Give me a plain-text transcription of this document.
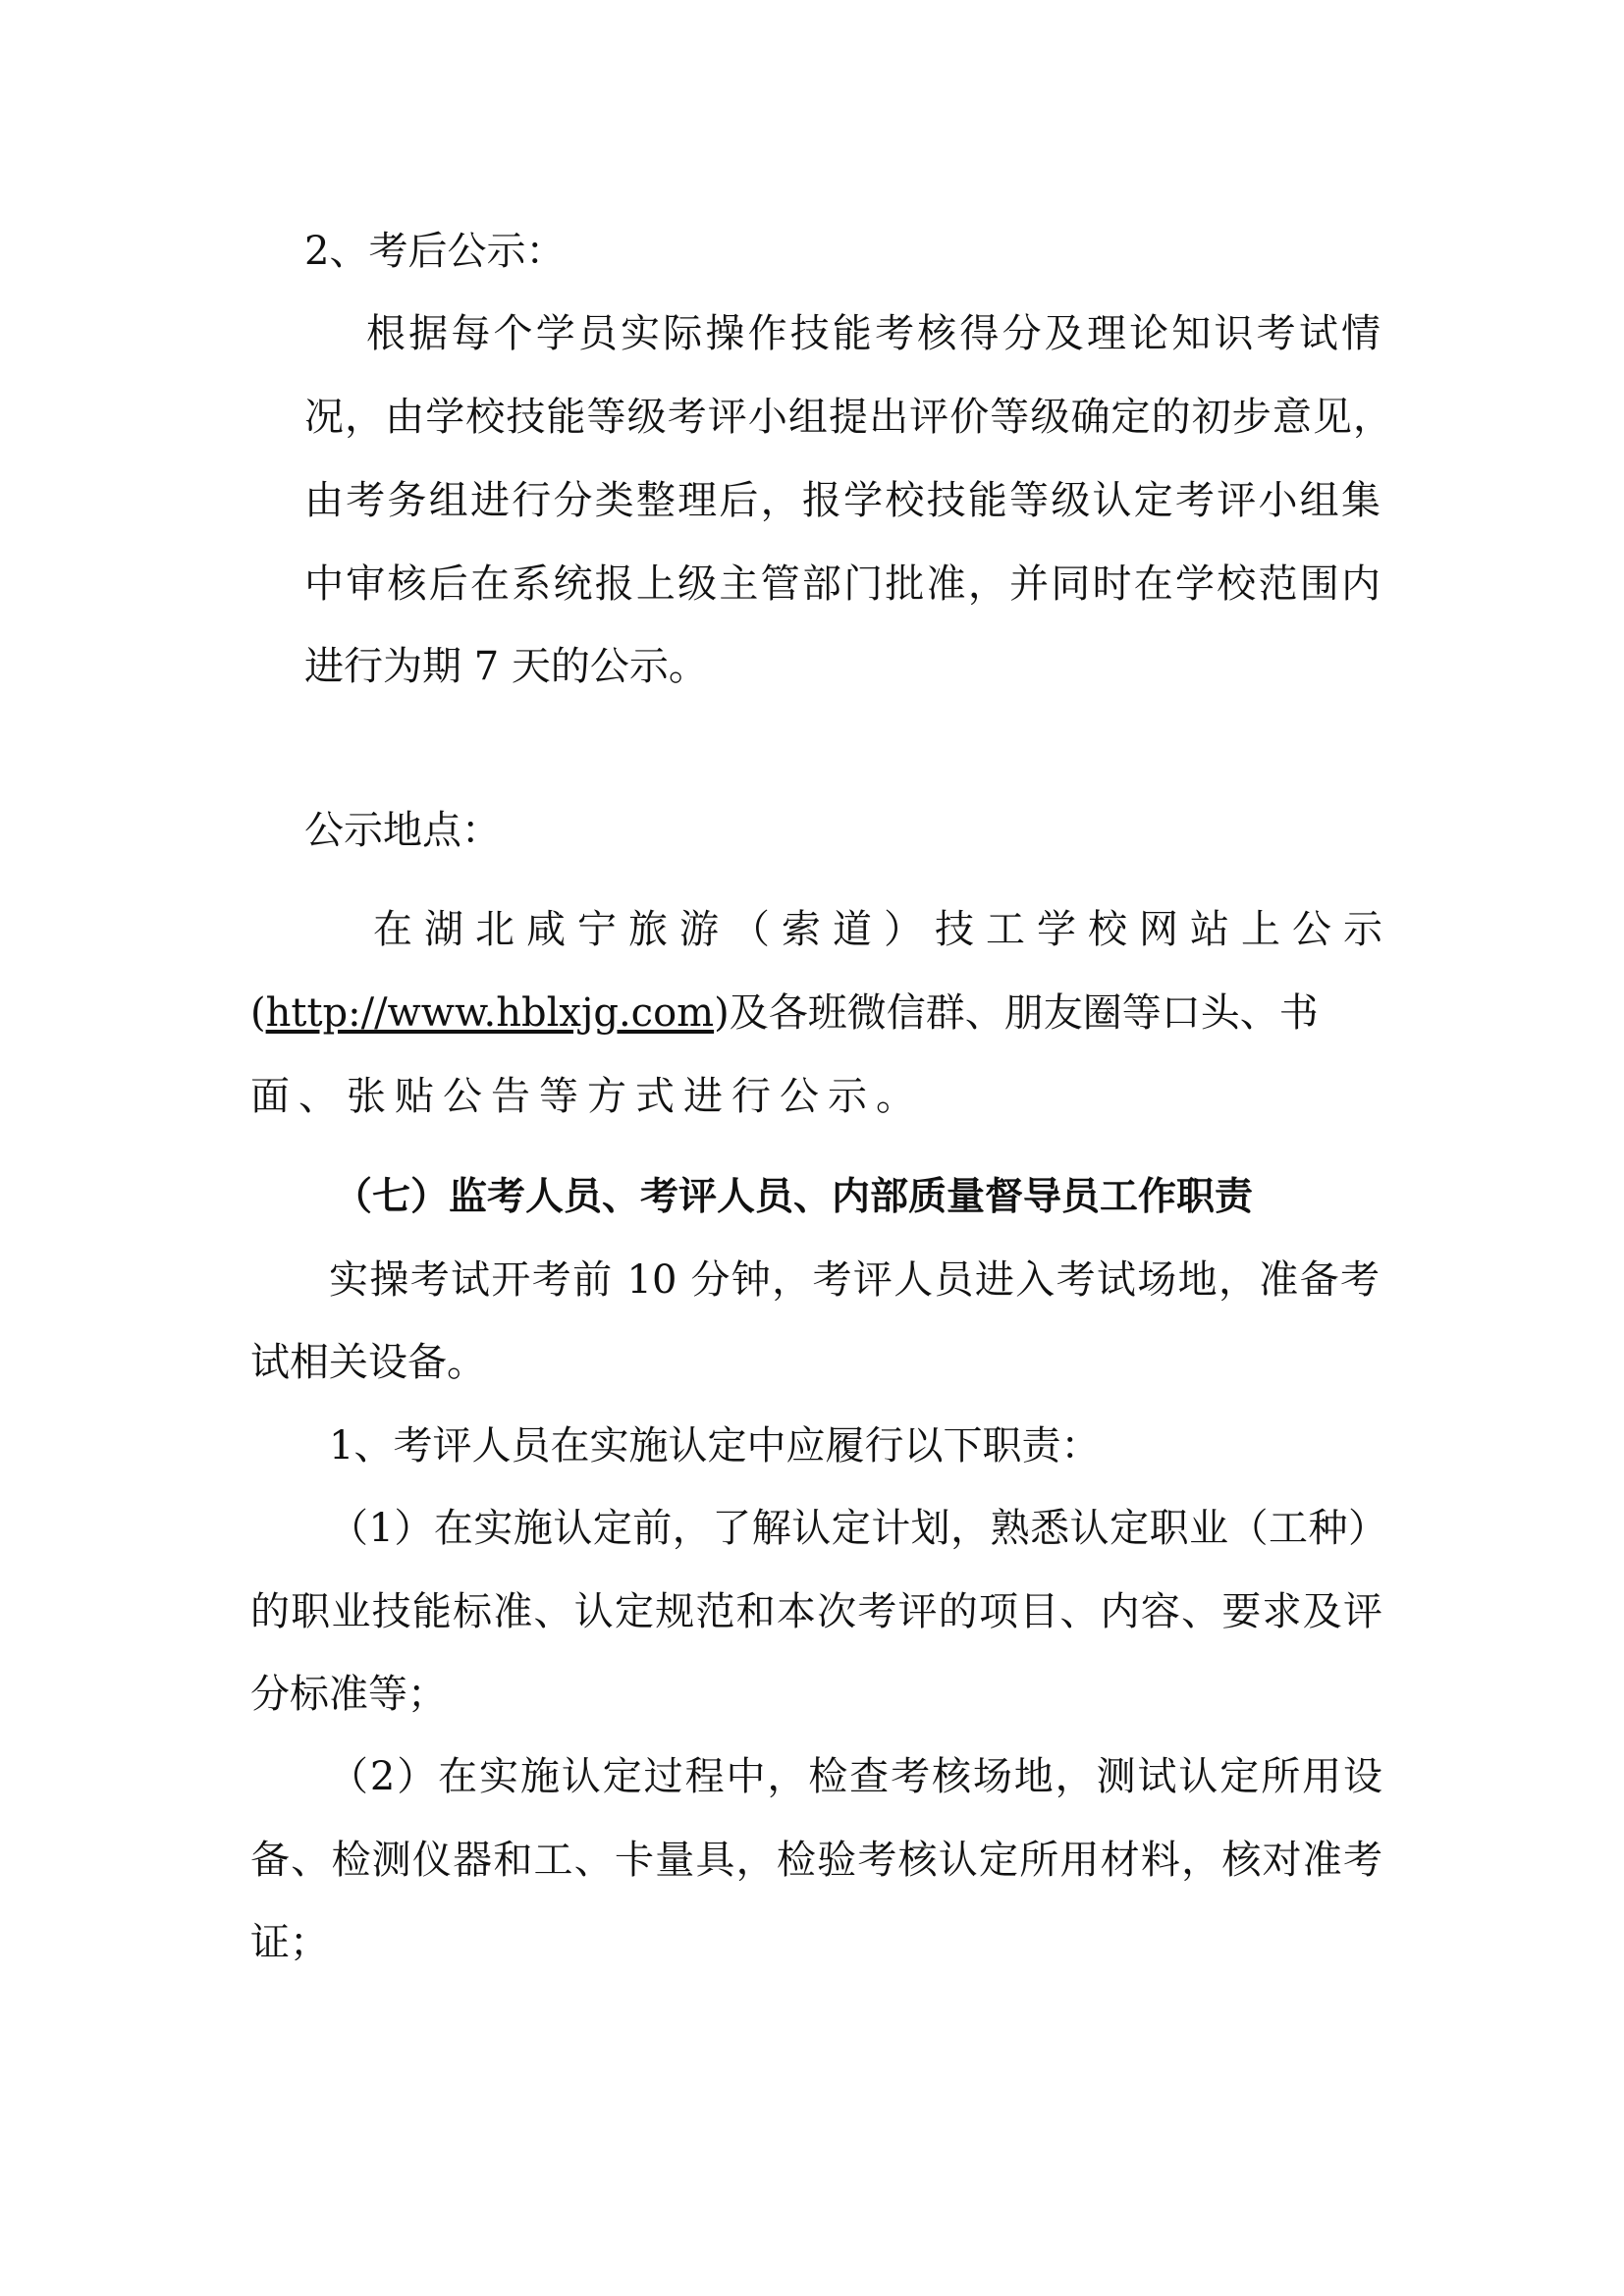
2、考后公示：
根据每个学员实际操作技能考核得分及理论知识考试情
况，由学校技能等级考评小组提出评价等级确定的初步意见，
由考务组进行分类整理后，报学校技能等级认定考评小组集
中审核后在系统报上级主管部门批准，并同时在学校范围内
进行为期 7 天的公示。
公示地点：
在湖北咸宁旅游（索道）技工学校网站上公示
(http://www.hblxjg.com)及各班微信群、朋友圈等口头、书
面、张贴公告等方式进行公示。
（七）监考人员、考评人员、内部质量督导员工作职责
实操考试开考前 10 分钟，考评人员进入考试场地，准备考
试相关设备。
1、考评人员在实施认定中应履行以下职责：
（1）在实施认定前，了解认定计划，熟悉认定职业（工种）
的职业技能标准、认定规范和本次考评的项目、内容、要求及评
分标准等；
（2）在实施认定过程中，检查考核场地，测试认定所用设
备、检测仪器和工、卡量具，检验考核认定所用材料，核对准考
证；
